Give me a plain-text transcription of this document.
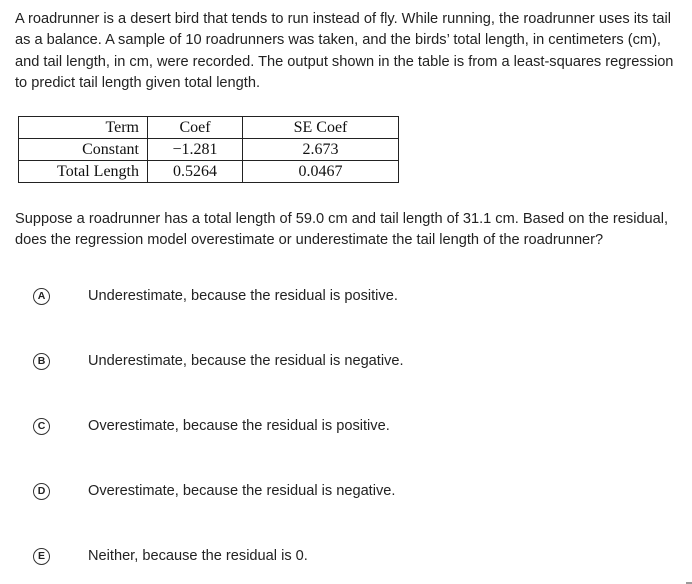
A roadrunner is a desert bird that tends to run instead of fly. While running, the roadrunner uses its tail as a balance. A sample of 10 roadrunners was taken, and the birds’ total length, in centimeters (cm), and tail length, in cm, were recorded. The output shown in the table is from a least-squares regression to predict tail length given total length.

Term	Coef	SE Coef
Constant	−1.281	2.673
Total Length	0.5264	0.0467

Suppose a roadrunner has a total length of 59.0 cm and tail length of 31.1 cm. Based on the residual, does the regression model overestimate or underestimate the tail length of the roadrunner?

A	Underestimate, because the residual is positive.
B	Underestimate, because the residual is negative.
C	Overestimate, because the residual is positive.
D	Overestimate, because the residual is negative.
E	Neither, because the residual is 0.
